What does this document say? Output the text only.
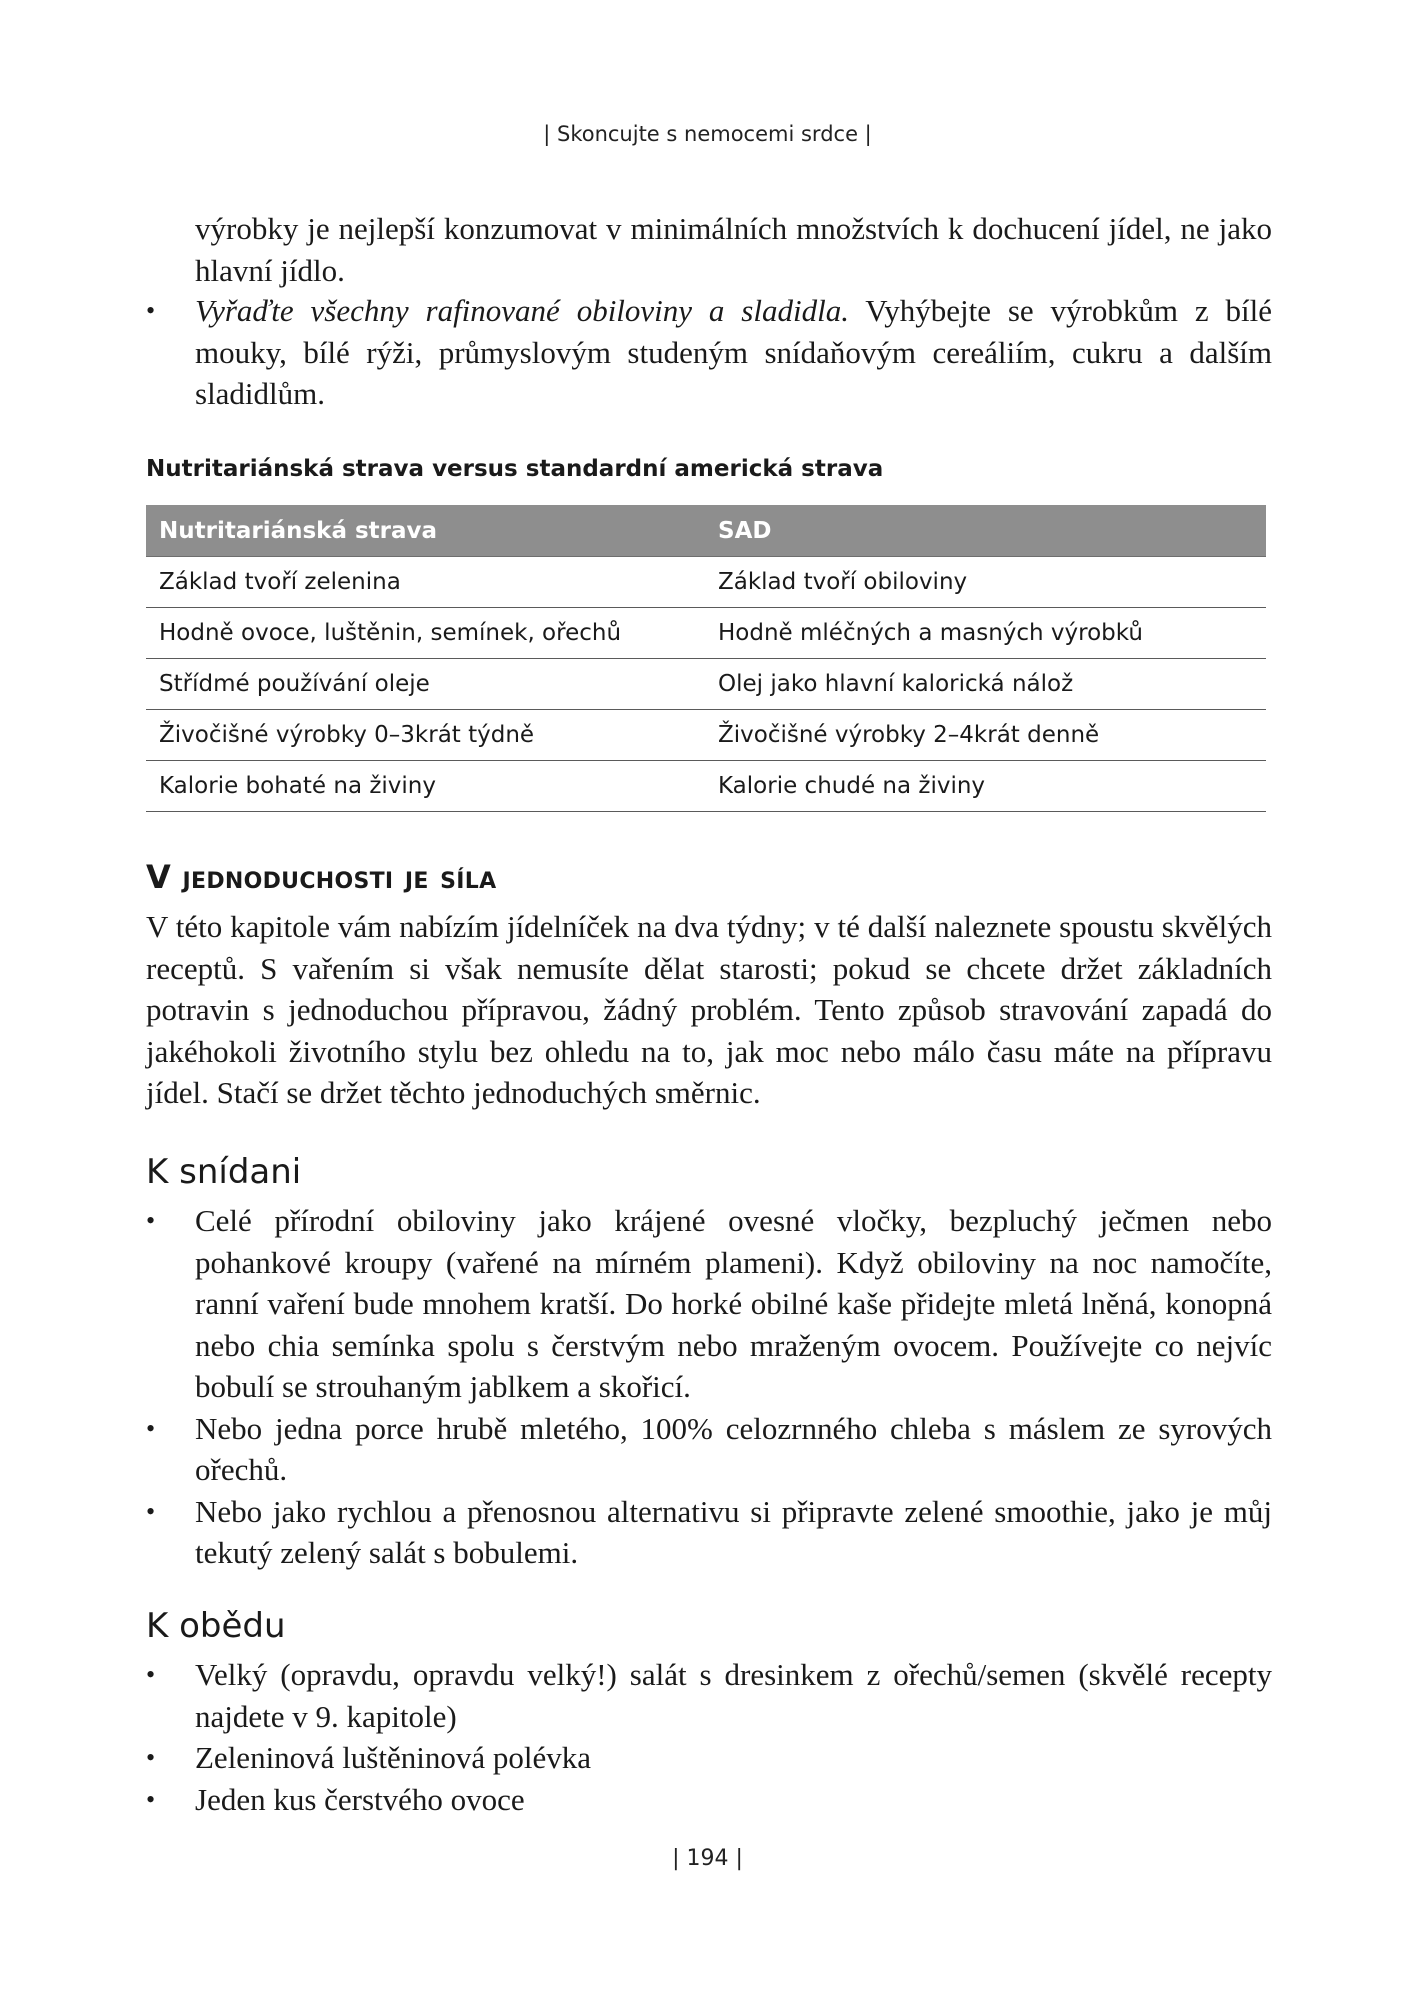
| Skoncujte s nemocemi srdce |
výrobky je nejlepší konzumovat v minimálních množstvích k dochucení jídel, ne jako hlavní jídlo.
• Vyřaďte všechny rafinované obiloviny a sladidla. Vyhýbejte se výrobkům z bílé mouky, bílé rýži, průmyslovým studeným snídaňovým cereáliím, cukru a dalším sladidlům.
Nutritariánská strava versus standardní americká strava
Nutritariánská strava	SAD
Základ tvoří zelenina	Základ tvoří obiloviny
Hodně ovoce, luštěnin, semínek, ořechů	Hodně mléčných a masných výrobků
Střídmé používání oleje	Olej jako hlavní kalorická nálož
Živočišné výrobky 0–3krát týdně	Živočišné výrobky 2–4krát denně
Kalorie bohaté na živiny	Kalorie chudé na živiny
V jednoduchosti je síla
V této kapitole vám nabízím jídelníček na dva týdny; v té další naleznete spoustu skvělých receptů. S vařením si však nemusíte dělat starosti; pokud se chcete držet základních potravin s jednoduchou přípravou, žádný problém. Tento způsob stravování zapadá do jakéhokoli životního stylu bez ohledu na to, jak moc nebo málo času máte na přípravu jídel. Stačí se držet těchto jednoduchých směrnic.
K snídani
• Celé přírodní obiloviny jako krájené ovesné vločky, bezpluchý ječmen nebo pohankové kroupy (vařené na mírném plameni). Když obiloviny na noc namočíte, ranní vaření bude mnohem kratší. Do horké obilné kaše přidejte mletá lněná, konopná nebo chia semínka spolu s čerstvým nebo mraženým ovocem. Používejte co nejvíc bobulí se strouhaným jablkem a skořicí.
• Nebo jedna porce hrubě mletého, 100% celozrnného chleba s máslem ze syrových ořechů.
• Nebo jako rychlou a přenosnou alternativu si připravte zelené smoothie, jako je můj tekutý zelený salát s bobulemi.
K obědu
• Velký (opravdu, opravdu velký!) salát s dresinkem z ořechů/semen (skvělé recepty najdete v 9. kapitole)
• Zeleninová luštěninová polévka
• Jeden kus čerstvého ovoce
| 194 |
